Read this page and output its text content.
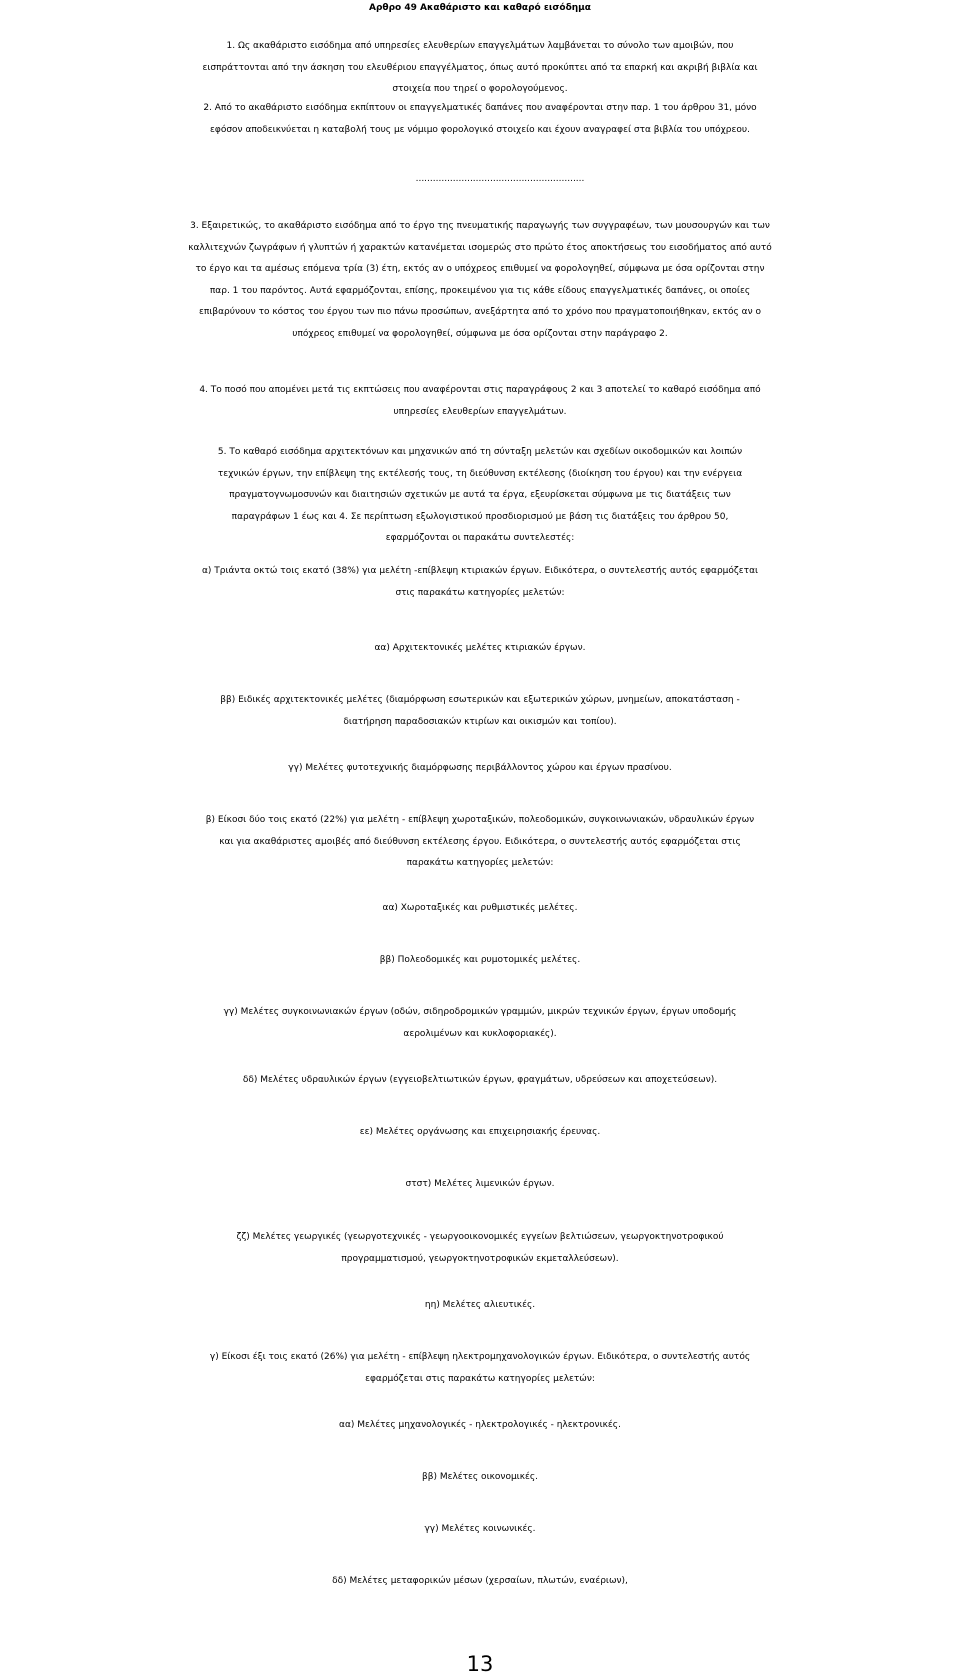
Αρθρο 49 Ακαθάριστο και καθαρό εισόδημα
1. Ως ακαθάριστο εισόδημα από υπηρεσίες ελευθερίων επαγγελμάτων λαμβάνεται το σύνολο των αμοιβών, που
εισπράττονται από την άσκηση του ελευθέριου επαγγέλματος, όπως αυτό προκύπτει από τα επαρκή και ακριβή βιβλία και
στοιχεία που τηρεί ο φορολογούμενος.
2. Από το ακαθάριστο εισόδημα εκπίπτουν οι επαγγελματικές δαπάνες που αναφέρονται στην παρ. 1 του άρθρου 31, μόνο
εφόσον αποδεικνύεται η καταβολή τους με νόμιμο φορολογικό στοιχείο και έχουν αναγραφεί στα βιβλία του υπόχρεου.
...........................................................
3. Εξαιρετικώς, το ακαθάριστο εισόδημα από το έργο της πνευματικής παραγωγής των συγγραφέων, των μουσουργών και των
καλλιτεχνών ζωγράφων ή γλυπτών ή χαρακτών κατανέμεται ισομερώς στο πρώτο έτος αποκτήσεως του εισοδήματος από αυτό
το έργο και τα αμέσως επόμενα τρία (3) έτη, εκτός αν ο υπόχρεος επιθυμεί να φορολογηθεί, σύμφωνα με όσα ορίζονται στην
παρ. 1 του παρόντος. Αυτά εφαρμόζονται, επίσης, προκειμένου για τις κάθε είδους επαγγελματικές δαπάνες, οι οποίες
επιβαρύνουν το κόστος του έργου των πιο πάνω προσώπων, ανεξάρτητα από το χρόνο που πραγματοποιήθηκαν, εκτός αν ο
υπόχρεος επιθυμεί να φορολογηθεί, σύμφωνα με όσα ορίζονται στην παράγραφο 2.
4. Το ποσό που απομένει μετά τις εκπτώσεις που αναφέρονται στις παραγράφους 2 και 3 αποτελεί το καθαρό εισόδημα από
υπηρεσίες ελευθερίων επαγγελμάτων.
5. Το καθαρό εισόδημα αρχιτεκτόνων και μηχανικών από τη σύνταξη μελετών και σχεδίων οικοδομικών και λοιπών
τεχνικών έργων, την επίβλεψη της εκτέλεσής τους, τη διεύθυνση εκτέλεσης (διοίκηση του έργου) και την ενέργεια
πραγματογνωμοσυνών και διαιτησιών σχετικών με αυτά τα έργα, εξευρίσκεται σύμφωνα με τις διατάξεις των
παραγράφων 1 έως και 4. Σε περίπτωση εξωλογιστικού προσδιορισμού με βάση τις διατάξεις του άρθρου 50,
εφαρμόζονται οι παρακάτω συντελεστές:
α) Τριάντα οκτώ τοις εκατό (38%) για μελέτη -επίβλεψη κτιριακών έργων. Ειδικότερα, ο συντελεστής αυτός εφαρμόζεται
στις παρακάτω κατηγορίες μελετών:
αα) Αρχιτεκτονικές μελέτες κτιριακών έργων.
ββ) Ειδικές αρχιτεκτονικές μελέτες (διαμόρφωση εσωτερικών και εξωτερικών χώρων, μνημείων, αποκατάσταση -
διατήρηση παραδοσιακών κτιρίων και οικισμών και τοπίου).
γγ) Μελέτες φυτοτεχνικής διαμόρφωσης περιβάλλοντος χώρου και έργων πρασίνου.
β) Είκοσι δύο τοις εκατό (22%) για μελέτη - επίβλεψη χωροταξικών, πολεοδομικών, συγκοινωνιακών, υδραυλικών έργων
και για ακαθάριστες αμοιβές από διεύθυνση εκτέλεσης έργου. Ειδικότερα, ο συντελεστής αυτός εφαρμόζεται στις
παρακάτω κατηγορίες μελετών:
αα) Χωροταξικές και ρυθμιστικές μελέτες.
ββ) Πολεοδομικές και ρυμοτομικές μελέτες.
γγ) Μελέτες συγκοινωνιακών έργων (οδών, σιδηροδρομικών γραμμών, μικρών τεχνικών έργων, έργων υποδομής
αερολιμένων και κυκλοφοριακές).
δδ) Μελέτες υδραυλικών έργων (εγγειοβελτιωτικών έργων, φραγμάτων, υδρεύσεων και αποχετεύσεων).
εε) Μελέτες οργάνωσης και επιχειρησιακής έρευνας.
στστ) Μελέτες λιμενικών έργων.
ζζ) Μελέτες γεωργικές (γεωργοτεχνικές - γεωργοοικονομικές εγγείων βελτιώσεων, γεωργοκτηνοτροφικού
προγραμματισμού, γεωργοκτηνοτροφικών εκμεταλλεύσεων).
ηη) Μελέτες αλιευτικές.
γ) Είκοσι έξι τοις εκατό (26%) για μελέτη - επίβλεψη ηλεκτρομηχανολογικών έργων. Ειδικότερα, ο συντελεστής αυτός
εφαρμόζεται στις παρακάτω κατηγορίες μελετών:
αα) Μελέτες μηχανολογικές - ηλεκτρολογικές - ηλεκτρονικές.
ββ) Μελέτες οικονομικές.
γγ) Μελέτες κοινωνικές.
δδ) Μελέτες μεταφορικών μέσων (χερσαίων, πλωτών, εναέριων),
13
